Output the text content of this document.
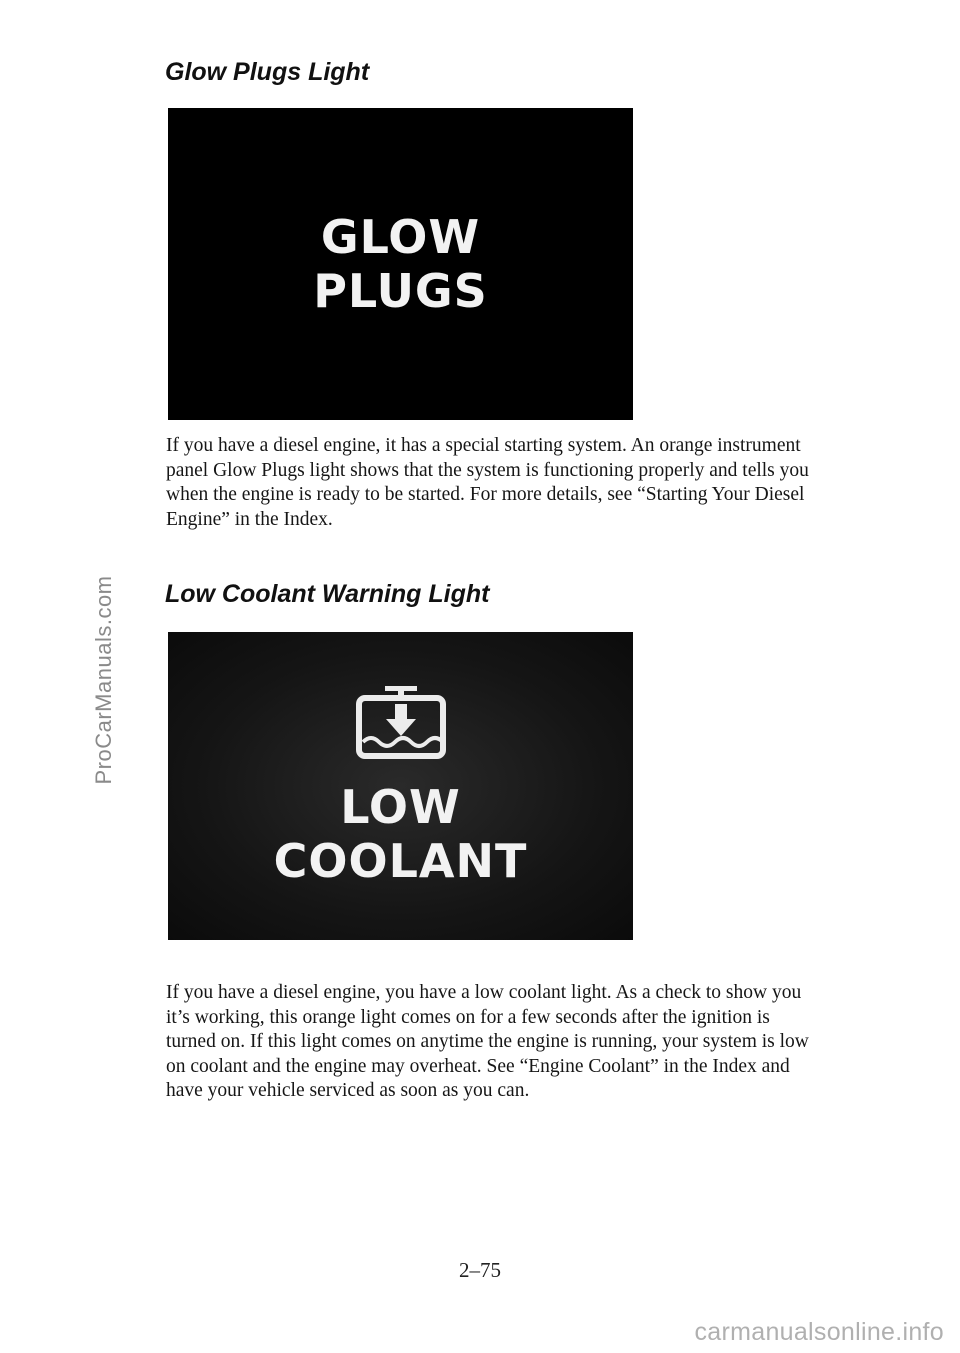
ProCarManuals.com
Glow Plugs Light
GLOW
PLUGS

If you have a diesel engine, it has a special starting system. An orange instrument panel Glow Plugs light shows that the system is functioning properly and tells you when the engine is ready to be started. For more details, see “Starting Your Diesel Engine” in the Index.

Low Coolant Warning Light
LOW
COOLANT

If you have a diesel engine, you have a low coolant light. As a check to show you it’s working, this orange light comes on for a few seconds after the ignition is turned on. If this light comes on anytime the engine is running, your system is low on coolant and the engine may overheat. See “Engine Coolant” in the Index and have your vehicle serviced as soon as you can.

2–75
carmanualsonline.info
